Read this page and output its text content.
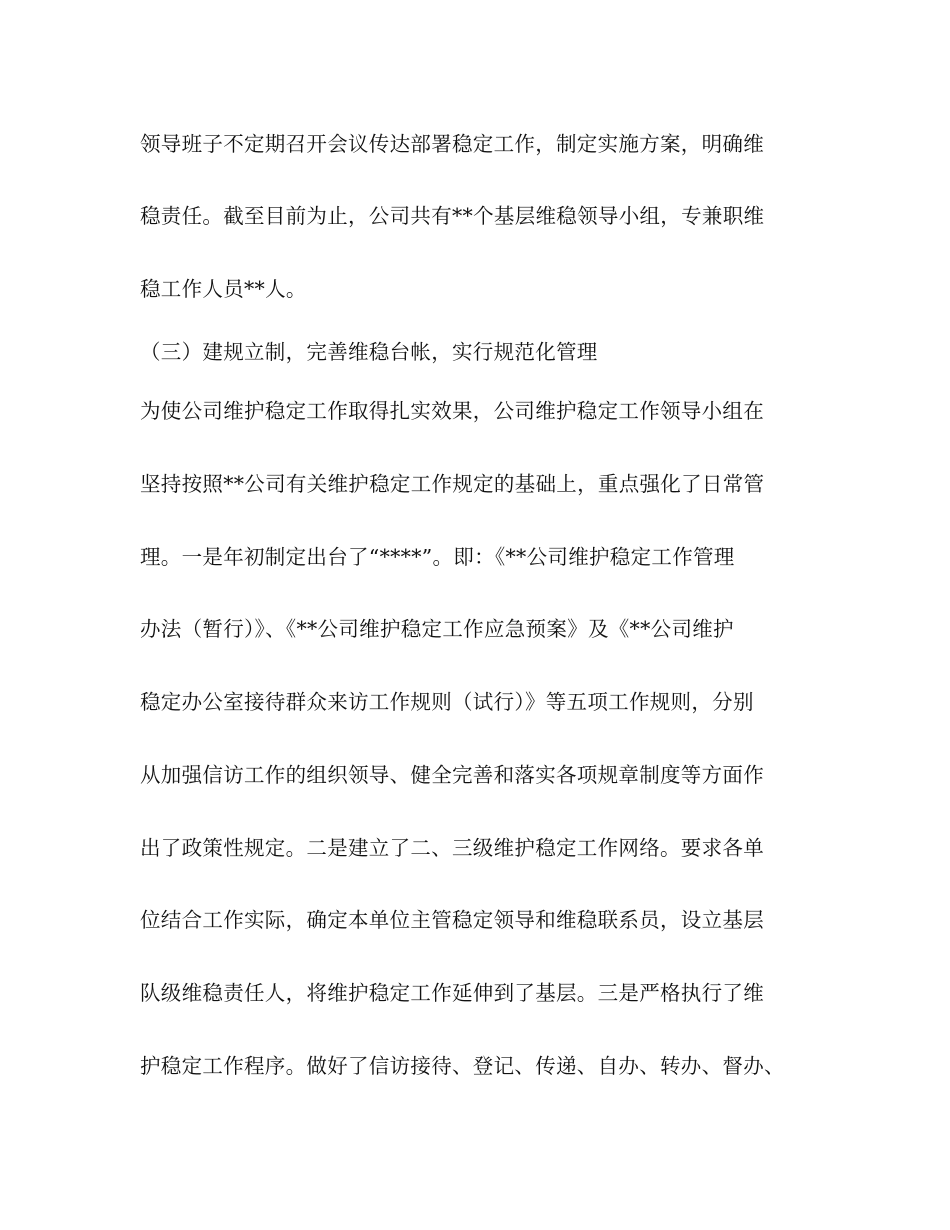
领导班子不定期召开会议传达部署稳定工作，制定实施方案，明确维

稳责任。截至目前为止，公司共有**个基层维稳领导小组，专兼职维

稳工作人员**人。

（三）建规立制，完善维稳台帐，实行规范化管理

为使公司维护稳定工作取得扎实效果，公司维护稳定工作领导小组在

坚持按照**公司有关维护稳定工作规定的基础上，重点强化了日常管

理。一是年初制定出台了“****”。即：《**公司维护稳定工作管理

办法（暂行）》、《**公司维护稳定工作应急预案》及《**公司维护

稳定办公室接待群众来访工作规则（试行）》等五项工作规则，分别

从加强信访工作的组织领导、健全完善和落实各项规章制度等方面作

出了政策性规定。二是建立了二、三级维护稳定工作网络。要求各单

位结合工作实际，确定本单位主管稳定领导和维稳联系员，设立基层

队级维稳责任人，将维护稳定工作延伸到了基层。三是严格执行了维

护稳定工作程序。做好了信访接待、登记、传递、自办、转办、督办、
